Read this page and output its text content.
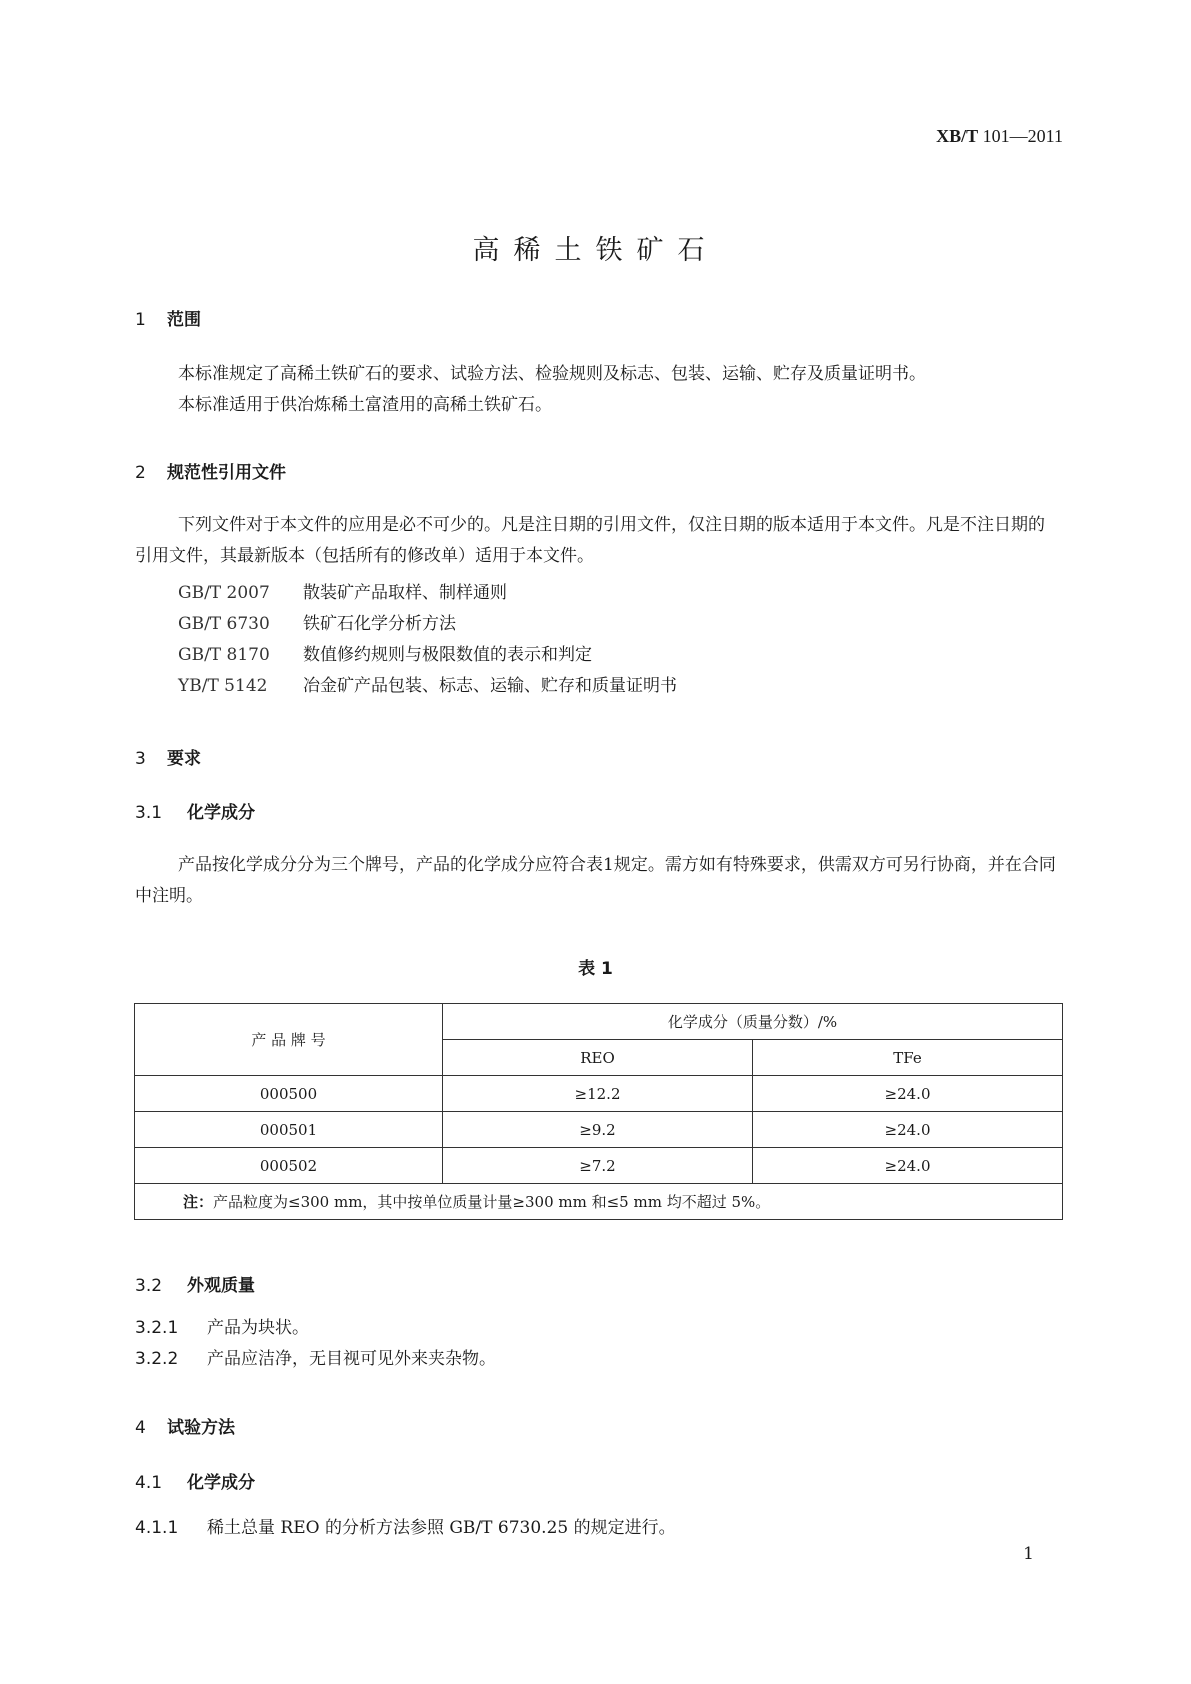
XB/T 101—2011
高稀土铁矿石
1 范围
本标准规定了高稀土铁矿石的要求、试验方法、检验规则及标志、包装、运输、贮存及质量证明书。
本标准适用于供冶炼稀土富渣用的高稀土铁矿石。
2 规范性引用文件
下列文件对于本文件的应用是必不可少的。凡是注日期的引用文件，仅注日期的版本适用于本文件。凡是不注日期的引用文件，其最新版本（包括所有的修改单）适用于本文件。
GB/T 2007 散装矿产品取样、制样通则
GB/T 6730 铁矿石化学分析方法
GB/T 8170 数值修约规则与极限数值的表示和判定
YB/T 5142 冶金矿产品包装、标志、运输、贮存和质量证明书
3 要求
3.1 化学成分
产品按化学成分分为三个牌号，产品的化学成分应符合表1规定。需方如有特殊要求，供需双方可另行协商，并在合同中注明。
表 1
产 品 牌 号	化学成分（质量分数）/%	
	REO	TFe
000500	≥12.2	≥24.0
000501	≥9.2	≥24.0
000502	≥7.2	≥24.0
注：产品粒度为≤300 mm，其中按单位质量计量≥300 mm 和≤5 mm 均不超过 5%。		
3.2 外观质量
3.2.1 产品为块状。
3.2.2 产品应洁净，无目视可见外来夹杂物。
4 试验方法
4.1 化学成分
4.1.1 稀土总量 REO 的分析方法参照 GB/T 6730.25 的规定进行。
1
